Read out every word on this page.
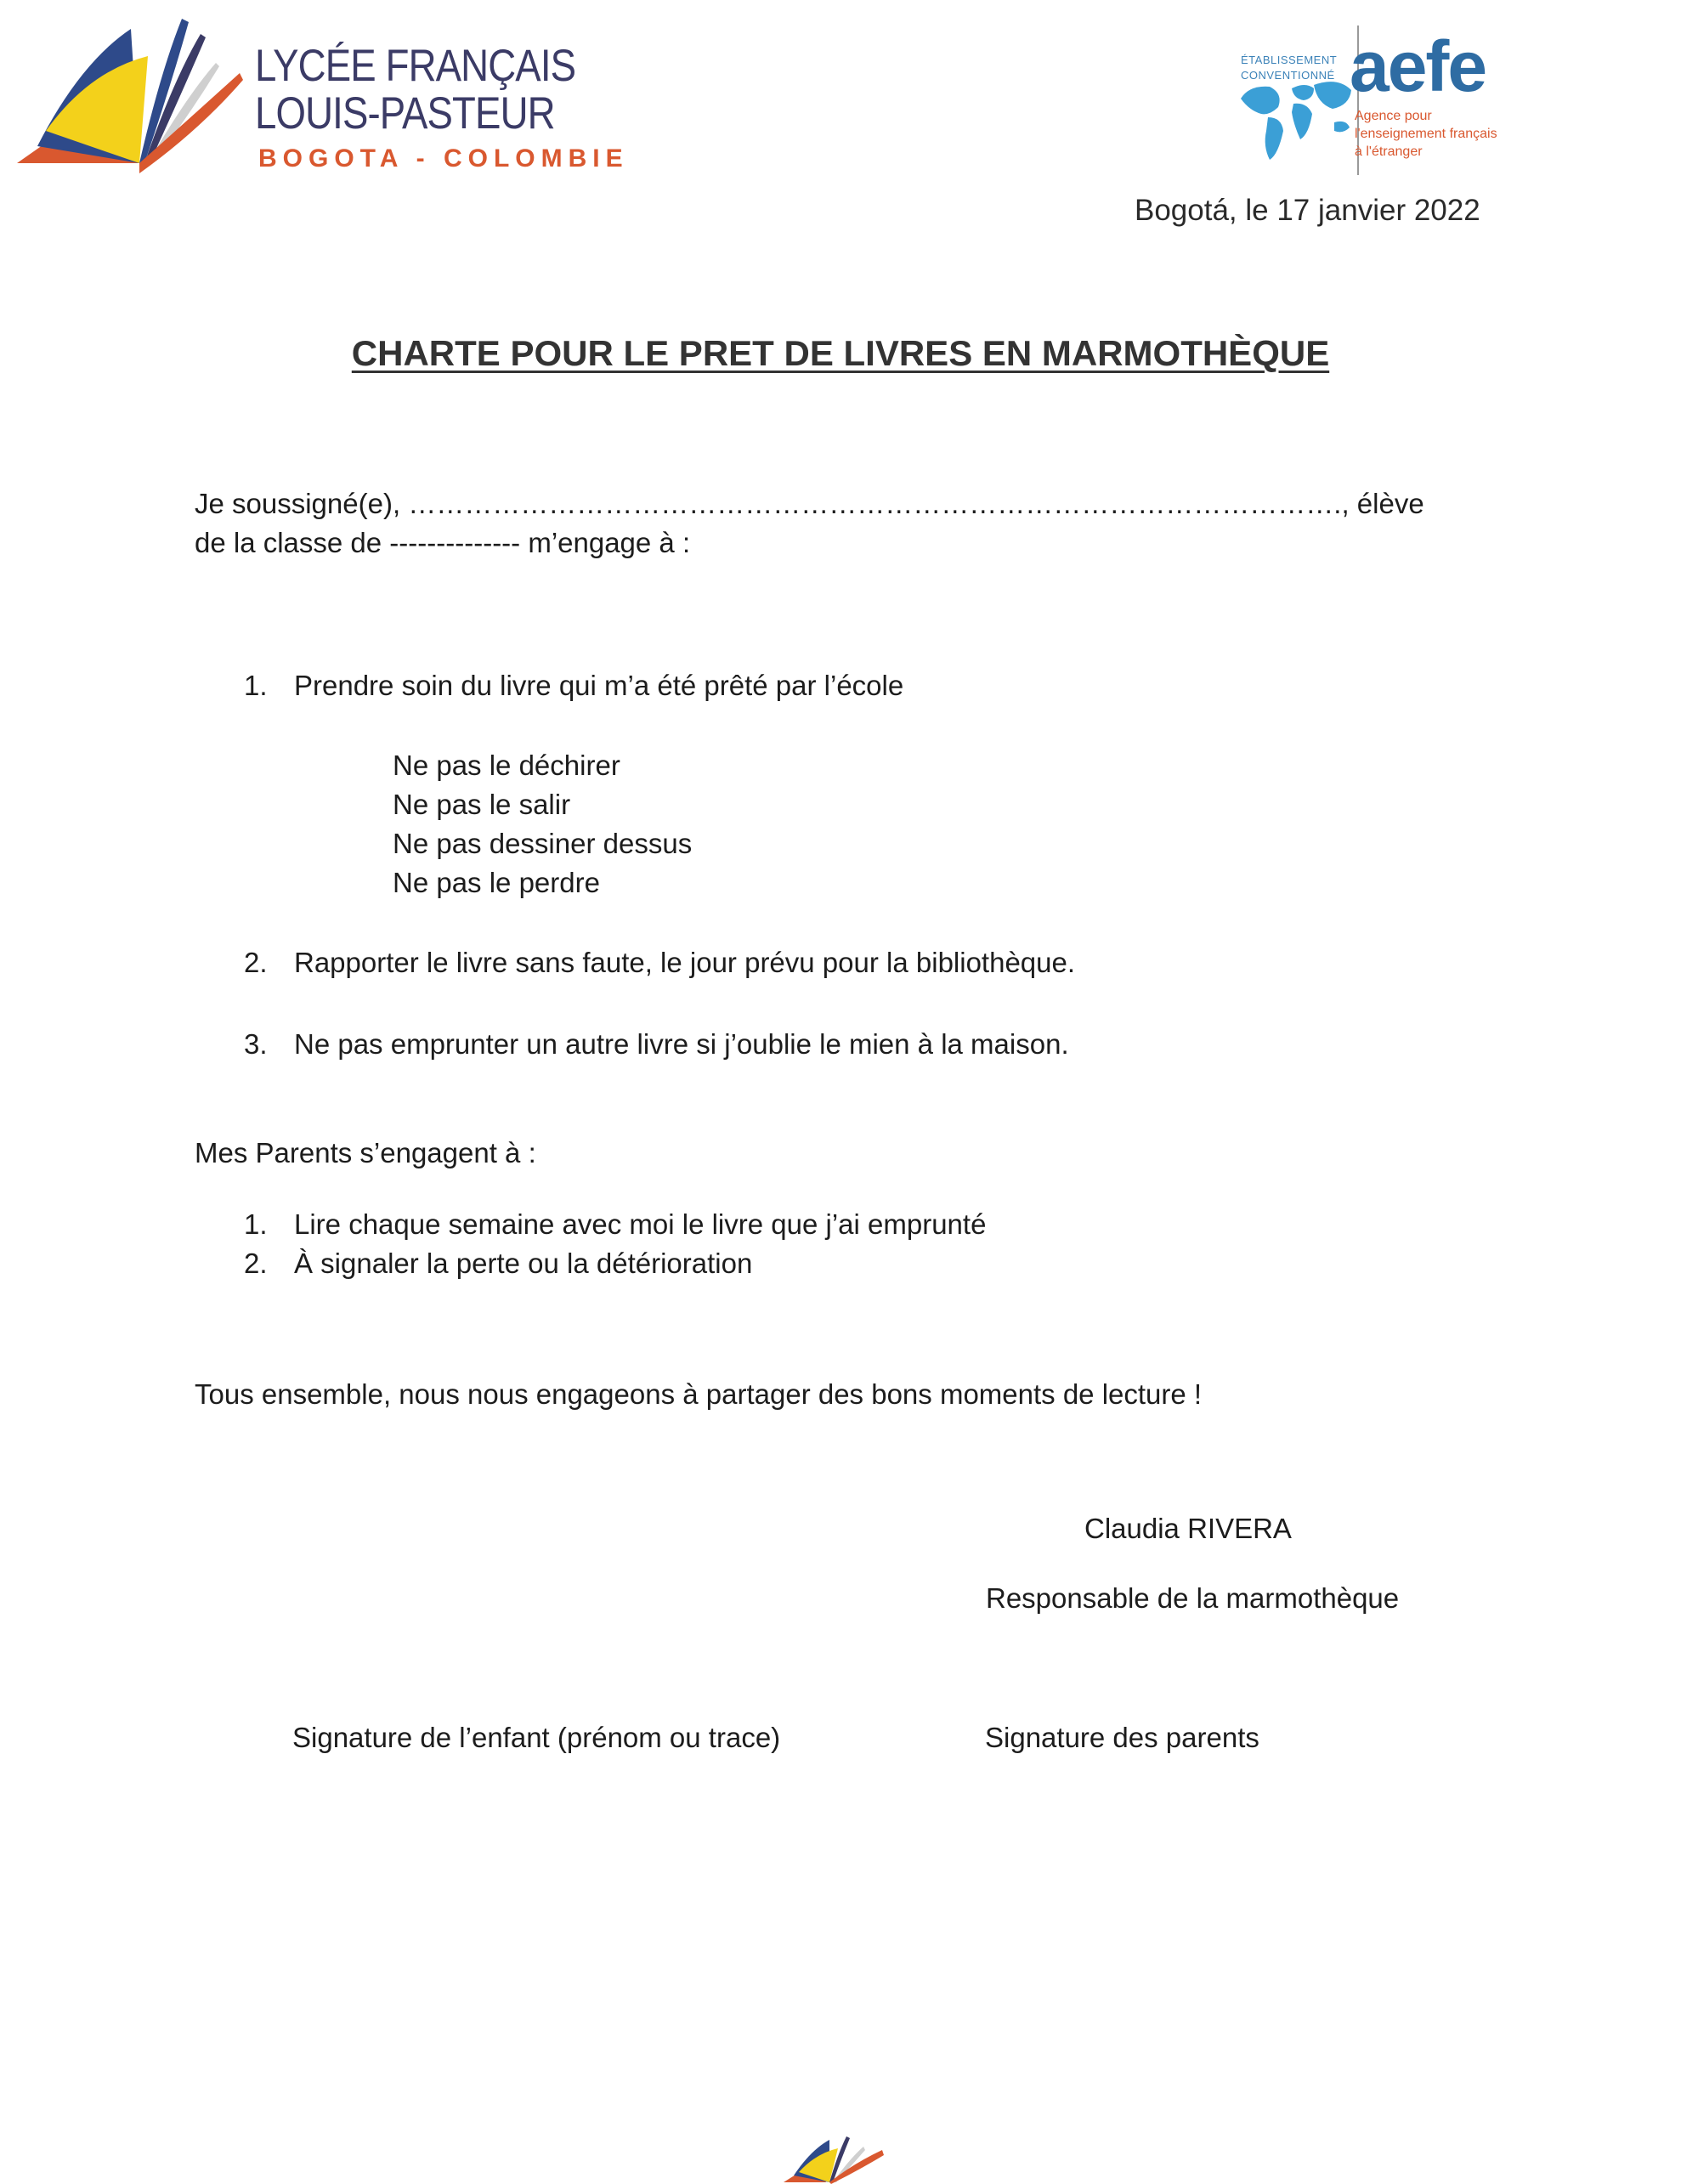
LYCÉE FRANÇAIS
LOUIS-PASTEUR
BOGOTA - COLOMBIE
ÉTABLISSEMENT
CONVENTIONNÉ aefe
Agence pour
l'enseignement français
à l'étranger
Bogotá, le 17 janvier 2022
CHARTE POUR LE PRET DE LIVRES EN MARMOTHÈQUE
Je soussigné(e), ………………………………………………………………………………………., élève
de la classe de -------------- m’engage à :
1. Prendre soin du livre qui m’a été prêté par l’école
Ne pas le déchirer
Ne pas le salir
Ne pas dessiner dessus
Ne pas le perdre
2. Rapporter le livre sans faute, le jour prévu pour la bibliothèque.
3. Ne pas emprunter un autre livre si j’oublie le mien à la maison.
Mes Parents s’engagent à :
1. Lire chaque semaine avec moi le livre que j’ai emprunté
2. À signaler la perte ou la détérioration
Tous ensemble, nous nous engageons à partager des bons moments de lecture !
Claudia RIVERA
Responsable de la marmothèque
Signature de l’enfant (prénom ou trace)	Signature des parents
